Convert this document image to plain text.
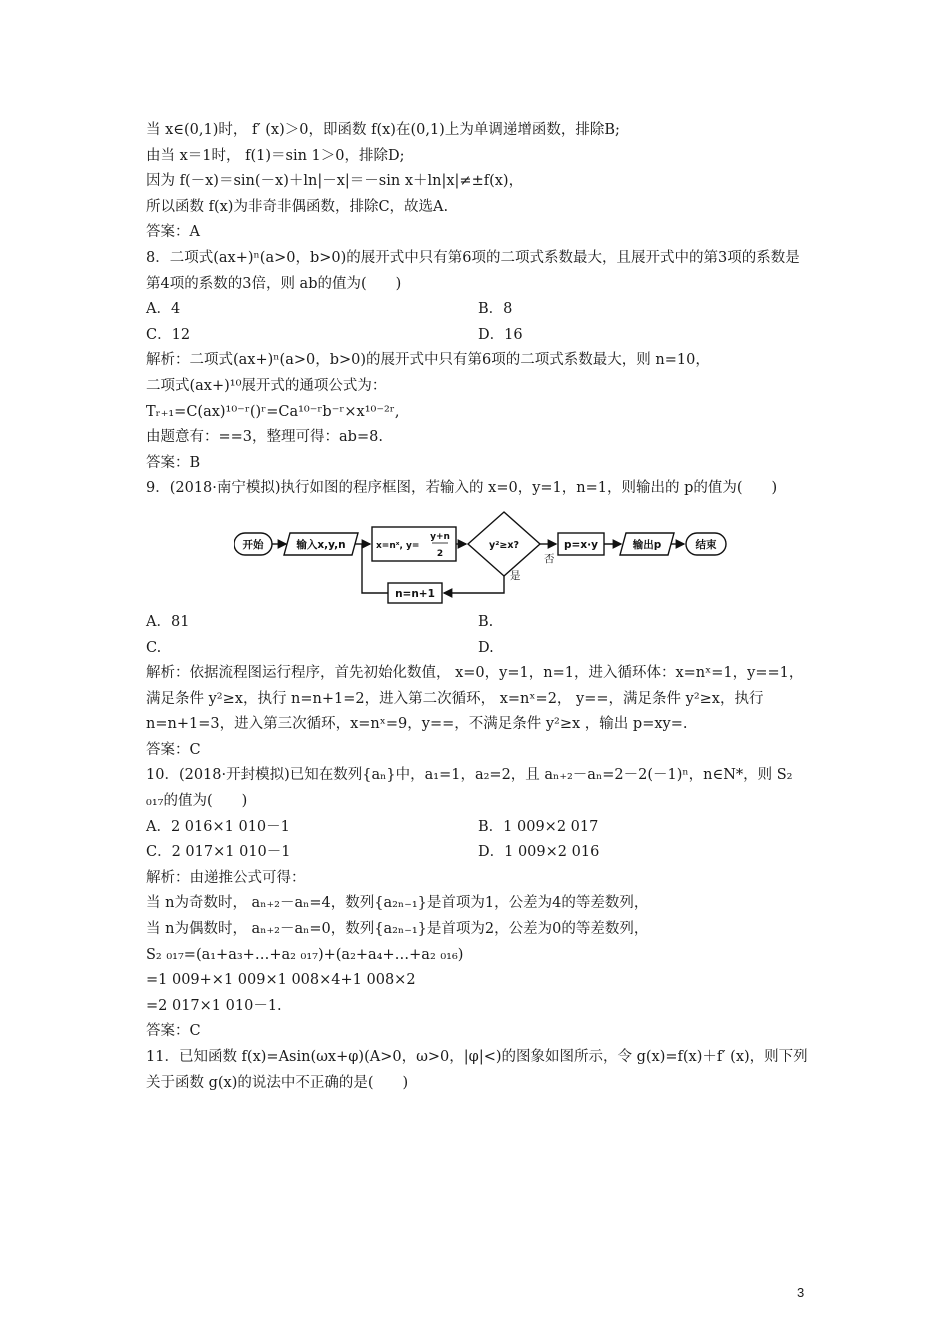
当 x∈(0,1)时， f′ (x)＞0，即函数 f(x)在(0,1)上为单调递增函数，排除B;
由当 x＝1时， f(1)＝sin 1＞0，排除D;
因为 f(－x)＝sin(－x)＋ln|－x|＝－sin x＋ln|x|≠±f(x)，
所以函数 f(x)为非奇非偶函数，排除C，故选A.
答案：A
8．二项式(ax+)ⁿ(a>0，b>0)的展开式中只有第6项的二项式系数最大，且展开式中的第3项的系数是第4项的系数的3倍，则 ab的值为(　　)
A．4	B．8
C．12	D．16
解析：二项式(ax+)ⁿ(a>0，b>0)的展开式中只有第6项的二项式系数最大，则 n=10，
二项式(ax+)¹⁰展开式的通项公式为：
Tᵣ₊₁=C(ax)¹⁰⁻ʳ()ʳ=Ca¹⁰⁻ʳb⁻ʳ×x¹⁰⁻²ʳ,
由题意有：==3，整理可得：ab=8.
答案：B
9．(2018·南宁模拟)执行如图的程序框图，若输入的 x=0，y=1，n=1，则输出的 p的值为(　　)
开始	输入x,y,n	x=nˣ, y=
y+n
2
y²≥x?
否
是
p=x·y	输出p	结束
n=n+1
A．81	B.
C.	D.
解析：依据流程图运行程序，首先初始化数值， x=0，y=1，n=1，进入循环体：x=nˣ=1，y==1，满足条件 y²≥x，执行 n=n+1=2，进入第二次循环， x=nˣ=2， y==，满足条件 y²≥x，执行 n=n+1=3，进入第三次循环，x=nˣ=9，y==，不满足条件 y²≥x ，输出 p=xy=.
答案：C
10．(2018·开封模拟)已知在数列{aₙ}中，a₁=1，a₂=2，且 aₙ₊₂－aₙ=2－2(－1)ⁿ，n∈N*，则 S₂ ₀₁₇的值为(　　)
A．2 016×1 010－1	B．1 009×2 017
C．2 017×1 010－1	D．1 009×2 016
解析：由递推公式可得：
当 n为奇数时， aₙ₊₂－aₙ=4，数列{a₂ₙ₋₁}是首项为1，公差为4的等差数列，
当 n为偶数时， aₙ₊₂－aₙ=0，数列{a₂ₙ₋₁}是首项为2，公差为0的等差数列，
S₂ ₀₁₇=(a₁+a₃+…+a₂ ₀₁₇)+(a₂+a₄+…+a₂ ₀₁₆)
=1 009+×1 009×1 008×4+1 008×2
=2 017×1 010－1.
答案：C
11．已知函数 f(x)=Asin(ωx+φ)(A>0，ω>0，|φ|<)的图象如图所示，令 g(x)=f(x)＋f′ (x)，则下列关于函数 g(x)的说法中不正确的是(　　)
3
